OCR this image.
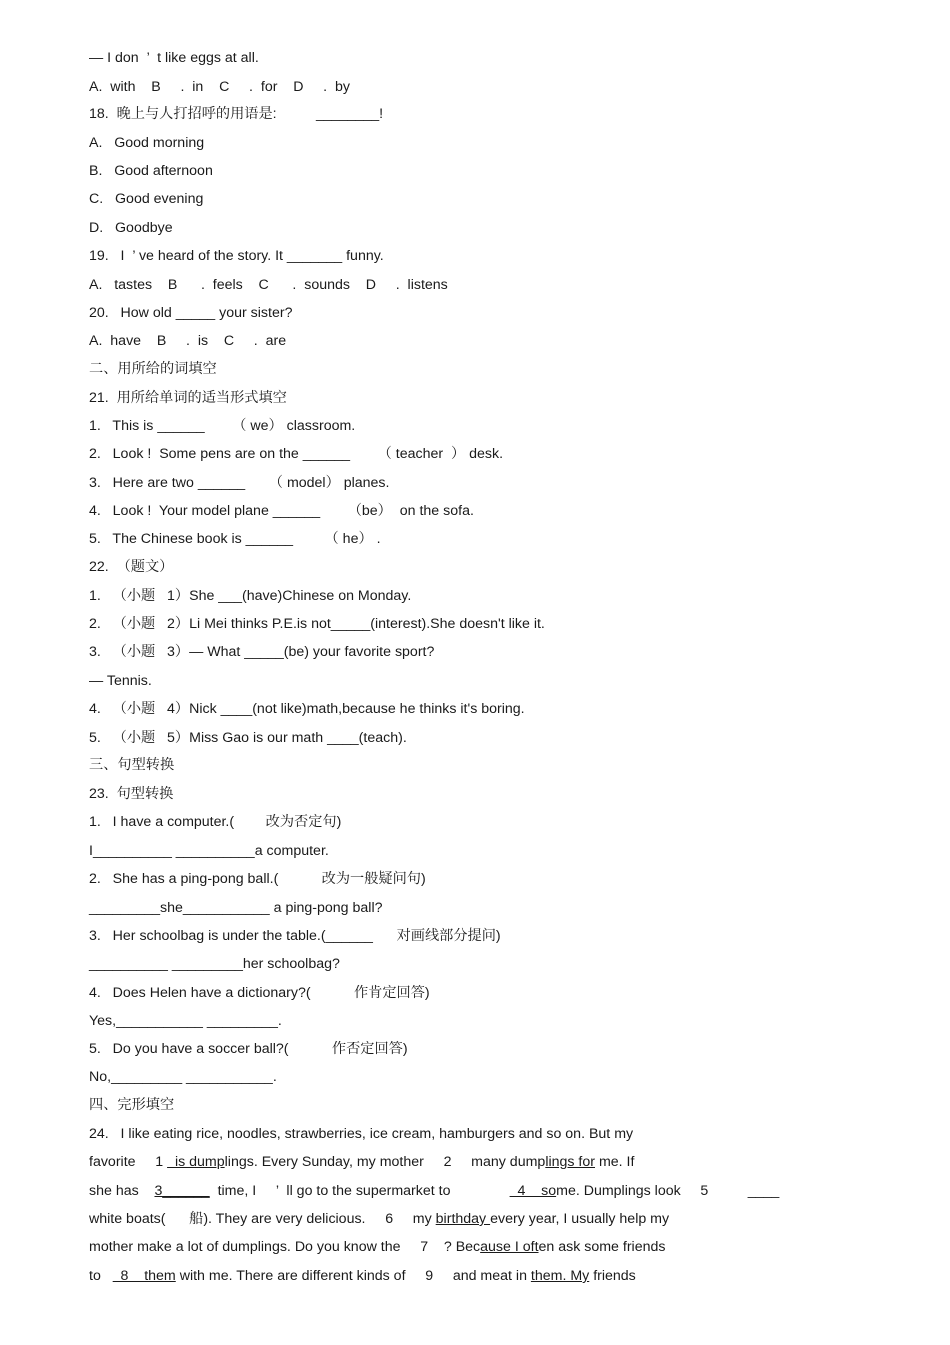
— I don  ’  t like eggs at all.
A.  with    B     .  in    C     .  for    D     .  by
18.  晚上与人打招呼的用语是:          ________!
A.   Good morning
B.   Good afternoon
C.   Good evening
D.   Goodbye
19.   I  ’ ve heard of the story. It _______ funny.
A.   tastes    B      .  feels    C      .  sounds    D     .  listens
20.   How old _____ your sister?
A.  have    B     .  is    C     .  are
二、用所给的词填空
21.  用所给单词的适当形式填空
1.   This is ______       （ we） classroom.
2.   Look !  Some pens are on the ______       （ teacher  ） desk.
3.   Here are two ______      （ model） planes.
4.   Look !  Your model plane ______       （be）  on the sofa.
5.   The Chinese book is ______        （ he） .
22.  （题文）
1.   （小题   1）She ___(have)Chinese on Monday.
2.   （小题   2）Li Mei thinks P.E.is not_____(interest).She doesn't like it.
3.   （小题   3）— What _____(be) your favorite sport?
— Tennis.
4.   （小题   4）Nick ____(not like)math,because he thinks it's boring.
5.   （小题   5）Miss Gao is our math ____(teach).
三、句型转换
23.  句型转换
1.   I have a computer.(        改为否定句)
I__________ __________a computer.
2.   She has a ping-pong ball.(           改为一般疑问句)
_________she___________ a ping-pong ball?
3.   Her schoolbag is under the table.(______      对画线部分提问)
__________ _________her schoolbag?
4.   Does Helen have a dictionary?(           作肯定回答)
Yes,___________ _________.
5.   Do you have a soccer ball?(           作否定回答)
No,_________ ___________.
四、完形填空
24.   I like eating rice, noodles, strawberries, ice cream, hamburgers and so on. But my
favorite     1   is dumplings. Every Sunday, my mother     2     many dumplings for me. If
she has    3______  time, I     ’  ll go to the supermarket to                 4    some. Dumplings look     5          ____
white boats(      船). They are very delicious.     6     my birthday every year, I usually help my
mother make a lot of dumplings. Do you know the     7    ? Because I often ask some friends
to     8    them with me. There are different kinds of     9     and meat in them. My friends
